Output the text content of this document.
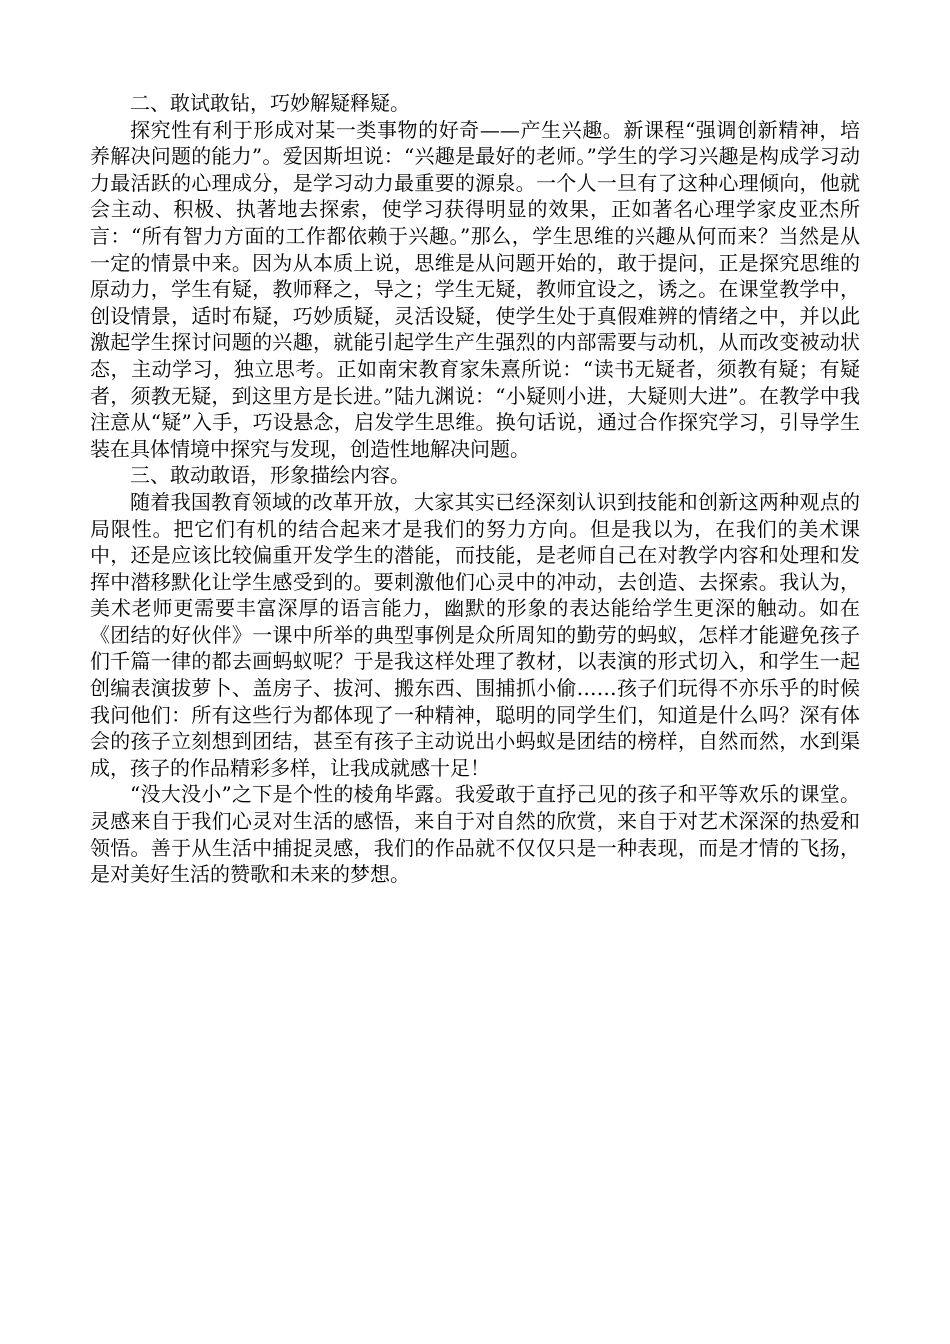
二、敢试敢钻，巧妙解疑释疑。

探究性有利于形成对某一类事物的好奇——产生兴趣。新课程“强调创新精神，培养解决问题的能力”。爱因斯坦说：“兴趣是最好的老师。”学生的学习兴趣是构成学习动力最活跃的心理成分，是学习动力最重要的源泉。一个人一旦有了这种心理倾向，他就会主动、积极、执著地去探索，使学习获得明显的效果，正如著名心理学家皮亚杰所言：“所有智力方面的工作都依赖于兴趣。”那么，学生思维的兴趣从何而来？当然是从一定的情景中来。因为从本质上说，思维是从问题开始的，敢于提问，正是探究思维的原动力，学生有疑，教师释之，导之；学生无疑，教师宜设之，诱之。在课堂教学中，创设情景，适时布疑，巧妙质疑，灵活设疑，使学生处于真假难辨的情绪之中，并以此激起学生探讨问题的兴趣，就能引起学生产生强烈的内部需要与动机，从而改变被动状态，主动学习，独立思考。正如南宋教育家朱熹所说：“读书无疑者，须教有疑；有疑者，须教无疑，到这里方是长进。”陆九渊说：“小疑则小进，大疑则大进”。在教学中我注意从“疑”入手，巧设悬念，启发学生思维。换句话说，通过合作探究学习，引导学生装在具体情境中探究与发现，创造性地解决问题。

三、敢动敢语，形象描绘内容。

随着我国教育领域的改革开放，大家其实已经深刻认识到技能和创新这两种观点的局限性。把它们有机的结合起来才是我们的努力方向。但是我以为，在我们的美术课中，还是应该比较偏重开发学生的潜能，而技能，是老师自己在对教学内容和处理和发挥中潜移默化让学生感受到的。要刺激他们心灵中的冲动，去创造、去探索。我认为，美术老师更需要丰富深厚的语言能力，幽默的形象的表达能给学生更深的触动。如在《团结的好伙伴》一课中所举的典型事例是众所周知的勤劳的蚂蚁，怎样才能避免孩子们千篇一律的都去画蚂蚁呢？于是我这样处理了教材，以表演的形式切入，和学生一起创编表演拔萝卜、盖房子、拔河、搬东西、围捕抓小偷……孩子们玩得不亦乐乎的时候我问他们：所有这些行为都体现了一种精神，聪明的同学生们，知道是什么吗？深有体会的孩子立刻想到团结，甚至有孩子主动说出小蚂蚁是团结的榜样，自然而然，水到渠成，孩子的作品精彩多样，让我成就感十足！

“没大没小”之下是个性的棱角毕露。我爱敢于直抒己见的孩子和平等欢乐的课堂。灵感来自于我们心灵对生活的感悟，来自于对自然的欣赏，来自于对艺术深深的热爱和领悟。善于从生活中捕捉灵感，我们的作品就不仅仅只是一种表现，而是才情的飞扬，是对美好生活的赞歌和未来的梦想。
